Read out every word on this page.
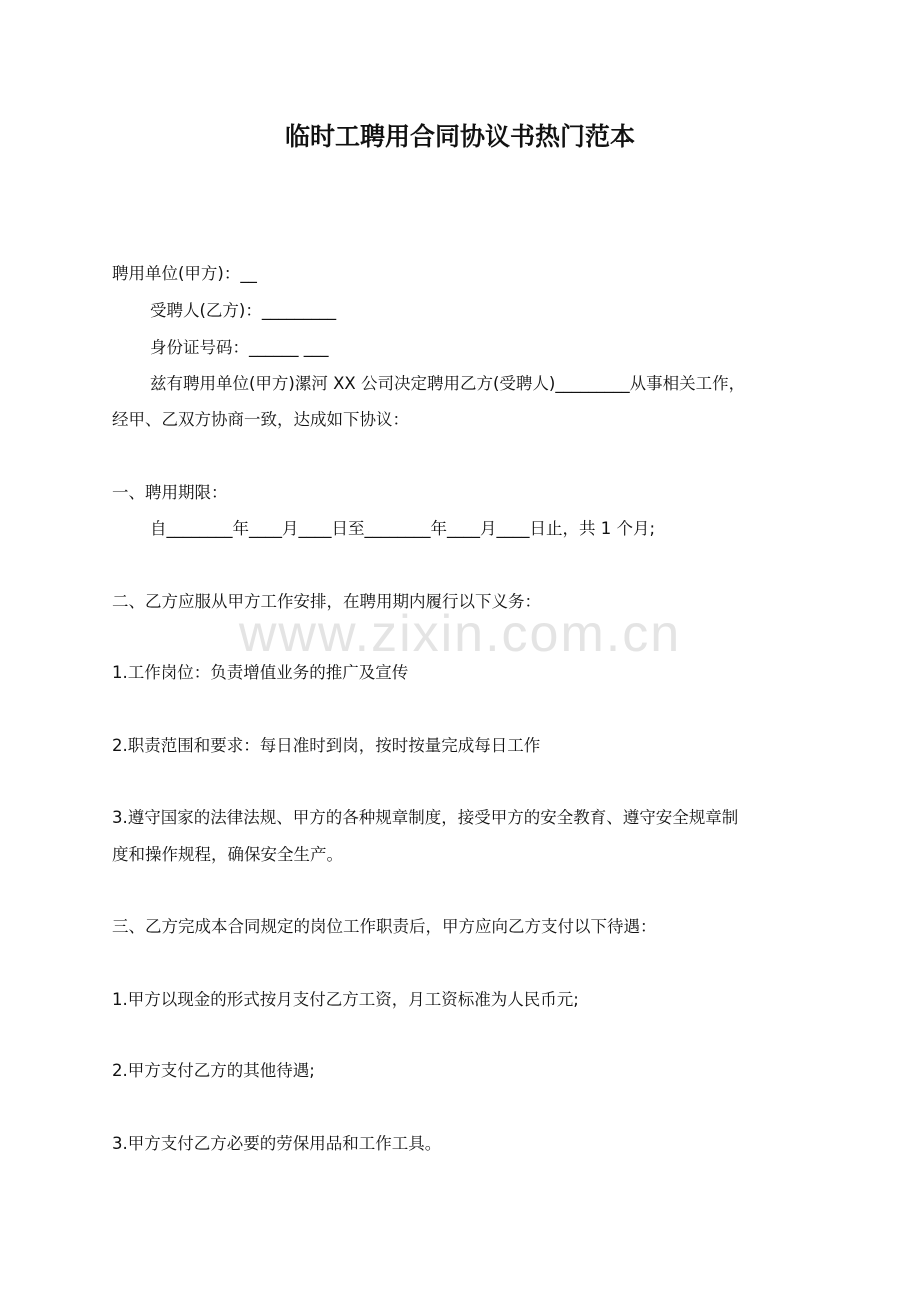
临时工聘用合同协议书热门范本
聘用单位(甲方)：__
受聘人(乙方)：_________
身份证号码：______ ___
兹有聘用单位(甲方)漯河 XX 公司决定聘用乙方(受聘人)_________从事相关工作，
经甲、乙双方协商一致，达成如下协议：
一、聘用期限：
自________年____月____日至________年____月____日止，共 1 个月;
二、乙方应服从甲方工作安排，在聘用期内履行以下义务：
www.zixin.com.cn
1.工作岗位：负责增值业务的推广及宣传
2.职责范围和要求：每日准时到岗，按时按量完成每日工作
3.遵守国家的法律法规、甲方的各种规章制度，接受甲方的安全教育、遵守安全规章制
度和操作规程，确保安全生产。
三、乙方完成本合同规定的岗位工作职责后，甲方应向乙方支付以下待遇：
1.甲方以现金的形式按月支付乙方工资，月工资标准为人民币元;
2.甲方支付乙方的其他待遇;
3.甲方支付乙方必要的劳保用品和工作工具。
